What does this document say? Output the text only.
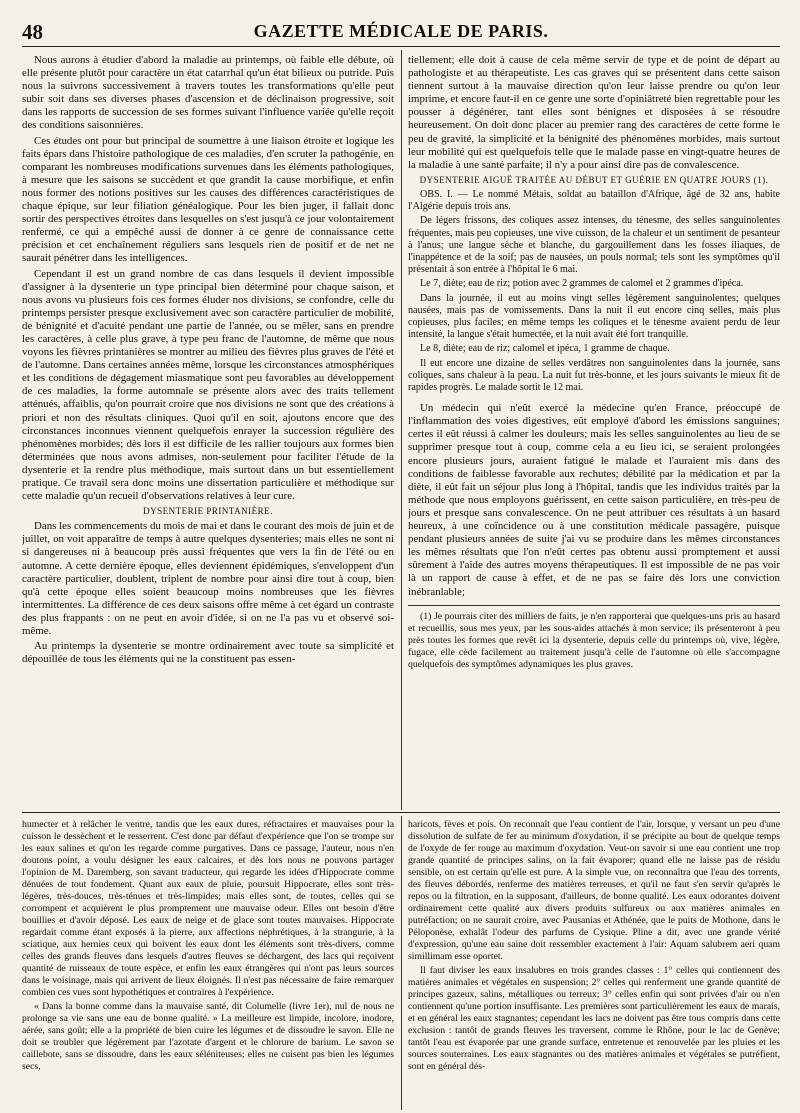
48	GAZETTE MÉDICALE DE PARIS.

Nous aurons à étudier d'abord la maladie au printemps, où faible elle débute, où elle présente plutôt pour caractère un état catarrhal qu'un état bilieux ou putride. Puis nous la suivrons successivement à travers toutes les transformations qu'elle peut subir soit dans ses diverses phases d'ascension et de déclinaison progressive, soit dans les rapports de succession de ses formes suivant l'influence variée qu'elle reçoit des conditions saisonnières.

Ces études ont pour but principal de soumettre à une liaison étroite et logique les faits épars dans l'histoire pathologique de ces maladies, d'en scruter la pathogénie, en comparant les nombreuses modifications survenues dans les éléments pathologiques, à mesure que les saisons se succèdent et que grandit la cause morbifique, et enfin nous former des notions positives sur les causes des différences caractéristiques de chaque épique, sur leur filiation généalogique. Pour les bien juger, il fallait donc sortir des perspectives étroites dans lesquelles on s'est jusqu'à ce jour volontairement renfermé, ce qui a empêché aussi de donner à ce genre de connaissance cette précision et cet enchaînement réguliers sans lesquels rien de positif et de net ne saurait pénétrer dans les intelligences.

Cependant il est un grand nombre de cas dans lesquels il devient impossible d'assigner à la dysenterie un type principal bien déterminé pour chaque saison, et nous avons vu plusieurs fois ces formes éluder nos divisions, se confondre, celle du printemps persister presque exclusivement avec son caractère particulier de mobilité, de bénignité et d'acuité pendant une partie de l'année, ou se mêler, sans en prendre les caractères, à celle plus grave, à type peu franc de l'automne, de même que nous voyons les fièvres printanières se montrer au milieu des fièvres plus graves de l'été et de l'automne. Dans certaines années même, lorsque les circonstances atmosphériques et les conditions de dégagement miasmatique sont peu favorables au développement de ces maladies, la forme automnale se présente alors avec des traits tellement atténués, affaiblis, qu'on pourrait croire que nos divisions ne sont que des créations à priori et non des résultats cliniques. Quoi qu'il en soit, ajoutons encore que des circonstances inconnues viennent quelquefois enrayer la succession régulière des phénomènes morbides; dès lors il est difficile de les rallier toujours aux formes bien déterminées que nous avons admises, non-seulement pour faciliter l'étude de la dysenterie et la rendre plus méthodique, mais surtout dans un but essentiellement pratique. Ce travail sera donc moins une dissertation particulière et méthodique sur cette maladie qu'un recueil d'observations relatives à leur cure.

DYSENTERIE PRINTANIÈRE.

Dans les commencements du mois de mai et dans le courant des mois de juin et de juillet, on voit apparaître de temps à autre quelques dysenteries; mais elles ne sont ni si dangereuses ni à beaucoup près aussi fréquentes que vers la fin de l'été ou en automne. A cette dernière époque, elles deviennent épidémiques, s'enveloppent d'un caractère particulier, doublent, triplent de nombre pour ainsi dire tout à coup, bien qu'à cette époque elles soient beaucoup moins nombreuses que les fièvres intermittentes. La différence de ces deux saisons offre même à cet égard un contraste des plus frappants : on ne peut en avoir d'idée, si on ne l'a pas vu et observé soi-même.

Au printemps la dysenterie se montre ordinairement avec toute sa simplicité et dépouillée de tous les éléments qui ne la constituent pas essen-

tiellement; elle doit à cause de cela même servir de type et de point de départ au pathologiste et au thérapeutiste. Les cas graves qui se présentent dans cette saison tiennent surtout à la mauvaise direction qu'on leur laisse prendre ou qu'on leur imprime, et encore faut-il en ce genre une sorte d'opiniâtreté bien regrettable pour les pousser à dégénérer, tant elles sont bénignes et disposées à se résoudre heureusement. On doit donc placer au premier rang des caractères de cette forme le peu de gravité, la simplicité et la bénignité des phénomènes morbides, mais surtout leur mobilité qui est quelquefois telle que le malade passe en vingt-quatre heures de la maladie à une santé parfaite; il n'y a pour ainsi dire pas de convalescence.

DYSENTERIE AIGUË TRAITÉE AU DÉBUT ET GUÉRIE EN QUATRE JOURS (1).

OBS. I. — Le nommé Métais, soldat au bataillon d'Afrique, âgé de 32 ans, habite l'Algérie depuis trois ans.

De légers frissons, des coliques assez intenses, du ténesme, des selles sanguinolentes fréquentes, mais peu copieuses, une vive cuisson, de la chaleur et un sentiment de pesanteur à l'anus; une langue sèche et blanche, du gargouillement dans les fosses iliaques, de l'inappétence et de la soif; pas de nausées, un pouls normal; tels sont les symptômes qu'il présentait à son entrée à l'hôpital le 6 mai.

Le 7, diète; eau de riz; potion avec 2 grammes de calomel et 2 grammes d'ipéca.

Dans la journée, il eut au moins vingt selles légèrement sanguinolentes; quelques nausées, mais pas de vomissements. Dans la nuit il eut encore cinq selles, mais plus copieuses, plus faciles; en même temps les coliques et le ténesme avaient perdu de leur intensité, la langue s'était humectée, et la nuit avait été fort tranquille.

Le 8, diète; eau de riz; calomel et ipéca, 1 gramme de chaque.

Il eut encore une dizaine de selles verdâtres non sanguinolentes dans la journée, sans coliques, sans chaleur à la peau. La nuit fut très-bonne, et les jours suivants le mieux fit de rapides progrès. Le malade sortit le 12 mai.

Un médecin qui n'eût exercé la médecine qu'en France, préoccupé de l'inflammation des voies digestives, eût employé d'abord les émissions sanguines; certes il eût réussi à calmer les douleurs; mais les selles sanguinolentes au lieu de se supprimer presque tout à coup, comme cela a eu lieu ici, se seraient prolongées encore plusieurs jours, auraient fatigué le malade et l'auraient mis dans des conditions de faiblesse favorable aux rechutes; débilité par la médication et par la diète, il eût fait un séjour plus long à l'hôpital, tandis que les individus traités par la méthode que nous employons guérissent, en cette saison particulière, en très-peu de jours et presque sans convalescence. On ne peut attribuer ces résultats à un hasard heureux, à une coïncidence ou à une constitution médicale passagère, puisque pendant plusieurs années de suite j'ai vu se produire dans les mêmes circonstances les mêmes résultats que l'on n'eût certes pas obtenu aussi promptement et aussi sûrement à l'aide des autres moyens thérapeutiques. Il est impossible de ne pas voir là un rapport de cause à effet, et de ne pas se faire dès lors une conviction inébranlable;

(1) Je pourrais citer des milliers de faits, je n'en rapporterai que quelques-uns pris au hasard et recueillis, sous mes yeux, par les sous-aides attachés à mon service; ils présenteront à peu près toutes les formes que revêt ici la dysenterie, depuis celle du printemps où, vive, légère, fugace, elle cède facilement au traitement jusqu'à celle de l'automne où elle s'accompagne quelquefois des symptômes adynamiques les plus graves.

humecter et à relâcher le ventre, tandis que les eaux dures, réfractaires et mauvaises pour la cuisson le dessèchent et le resserrent. C'est donc par défaut d'expérience que l'on se trompe sur les eaux salines et qu'on les regarde comme purgatives. Dans ce passage, l'auteur, nous n'en doutons point, a voulu désigner les eaux calcaires, et dès lors nous ne pouvons partager l'opinion de M. Daremberg, son savant traducteur, qui regarde les idées d'Hippocrate comme dénuées de tout fondement. Quant aux eaux de pluie, poursuit Hippocrate, elles sont très-légères, très-douces, très-ténues et très-limpides; mais elles sont, de toutes, celles qui se corrompent et acquièrent le plus promptement une mauvaise odeur. Elles ont besoin d'être bouillies et d'avoir déposé. Les eaux de neige et de glace sont toutes mauvaises. Hippocrate regardait comme étant exposés à la pierre, aux affections néphrétiques, à la strangurie, à la sciatique, aux hernies ceux qui boivent les eaux dont les éléments sont très-divers, comme celles des grands fleuves dans lesquels d'autres fleuves se déchargent, des lacs qui reçoivent quantité de ruisseaux de toute espèce, et enfin les eaux étrangères qui n'ont pas leurs sources dans le voisinage, mais qui arrivent de lieux éloignés. Il n'est pas nécessaire de faire remarquer combien ces vues sont hypothétiques et contraires à l'expérience.

« Dans la bonne comme dans la mauvaise santé, dit Columelle (livre 1er), nul de nous ne prolonge sa vie sans une eau de bonne qualité. » La meilleure est limpide, incolore, inodore, aérée, sans goût; elle a la propriété de bien cuire les légumes et de dissoudre le savon. Elle ne doit se troubler que légèrement par l'azotate d'argent et le chlorure de barium. Le savon se caillebote, sans se dissoudre, dans les eaux séléniteuses; elles ne cuisent pas bien les légumes secs,

haricots, fèves et pois. On reconnaît que l'eau contient de l'air, lorsque, y versant un peu d'une dissolution de sulfate de fer au minimum d'oxydation, il se précipite au bout de quelque temps de l'oxyde de fer rouge au maximum d'oxydation. Veut-on savoir si une eau contient une trop grande quantité de principes salins, on la fait évaporer; quand elle ne laisse pas de résidu sensible, on est certain qu'elle est pure. A la simple vue, on reconnaîtra que l'eau des torrents, des fleuves débordés, renferme des matières terreuses, et qu'il ne faut s'en servir qu'après le repos ou la filtration, en la supposant, d'ailleurs, de bonne qualité. Les eaux odorantes doivent ordinairement cette qualité aux divers produits sulfureux ou aux matières animales en putréfaction; on ne saurait croire, avec Pausanias et Athénée, que le puits de Mothone, dans le Péloponèse, exhalât l'odeur des parfums de Cysique. Pline a dit, avec une grande vérité d'expression, qu'une eau saine doit ressembler exactement à l'air: Aquam salubrem aeri quam simillimam esse oportet.

Il faut diviser les eaux insalubres en trois grandes classes : 1° celles qui contiennent des matières animales et végétales en suspension; 2° celles qui renferment une grande quantité de principes gazeux, salins, métalliques ou terreux; 3° celles enfin qui sont privées d'air ou n'en contiennent qu'une portion insuffisante. Les premières sont particulièrement les eaux de marais, et en général les eaux stagnantes; cependant les lacs ne doivent pas être tous compris dans cette exclusion : tantôt de grands fleuves les traversent, comme le Rhône, pour le lac de Genève; tantôt l'eau est évaporée par une grande surface, entretenue et renouvelée par les pluies et les sources souterraines. Les eaux stagnantes ou des matières animales et végétales se putréfient, sont en général dés-
